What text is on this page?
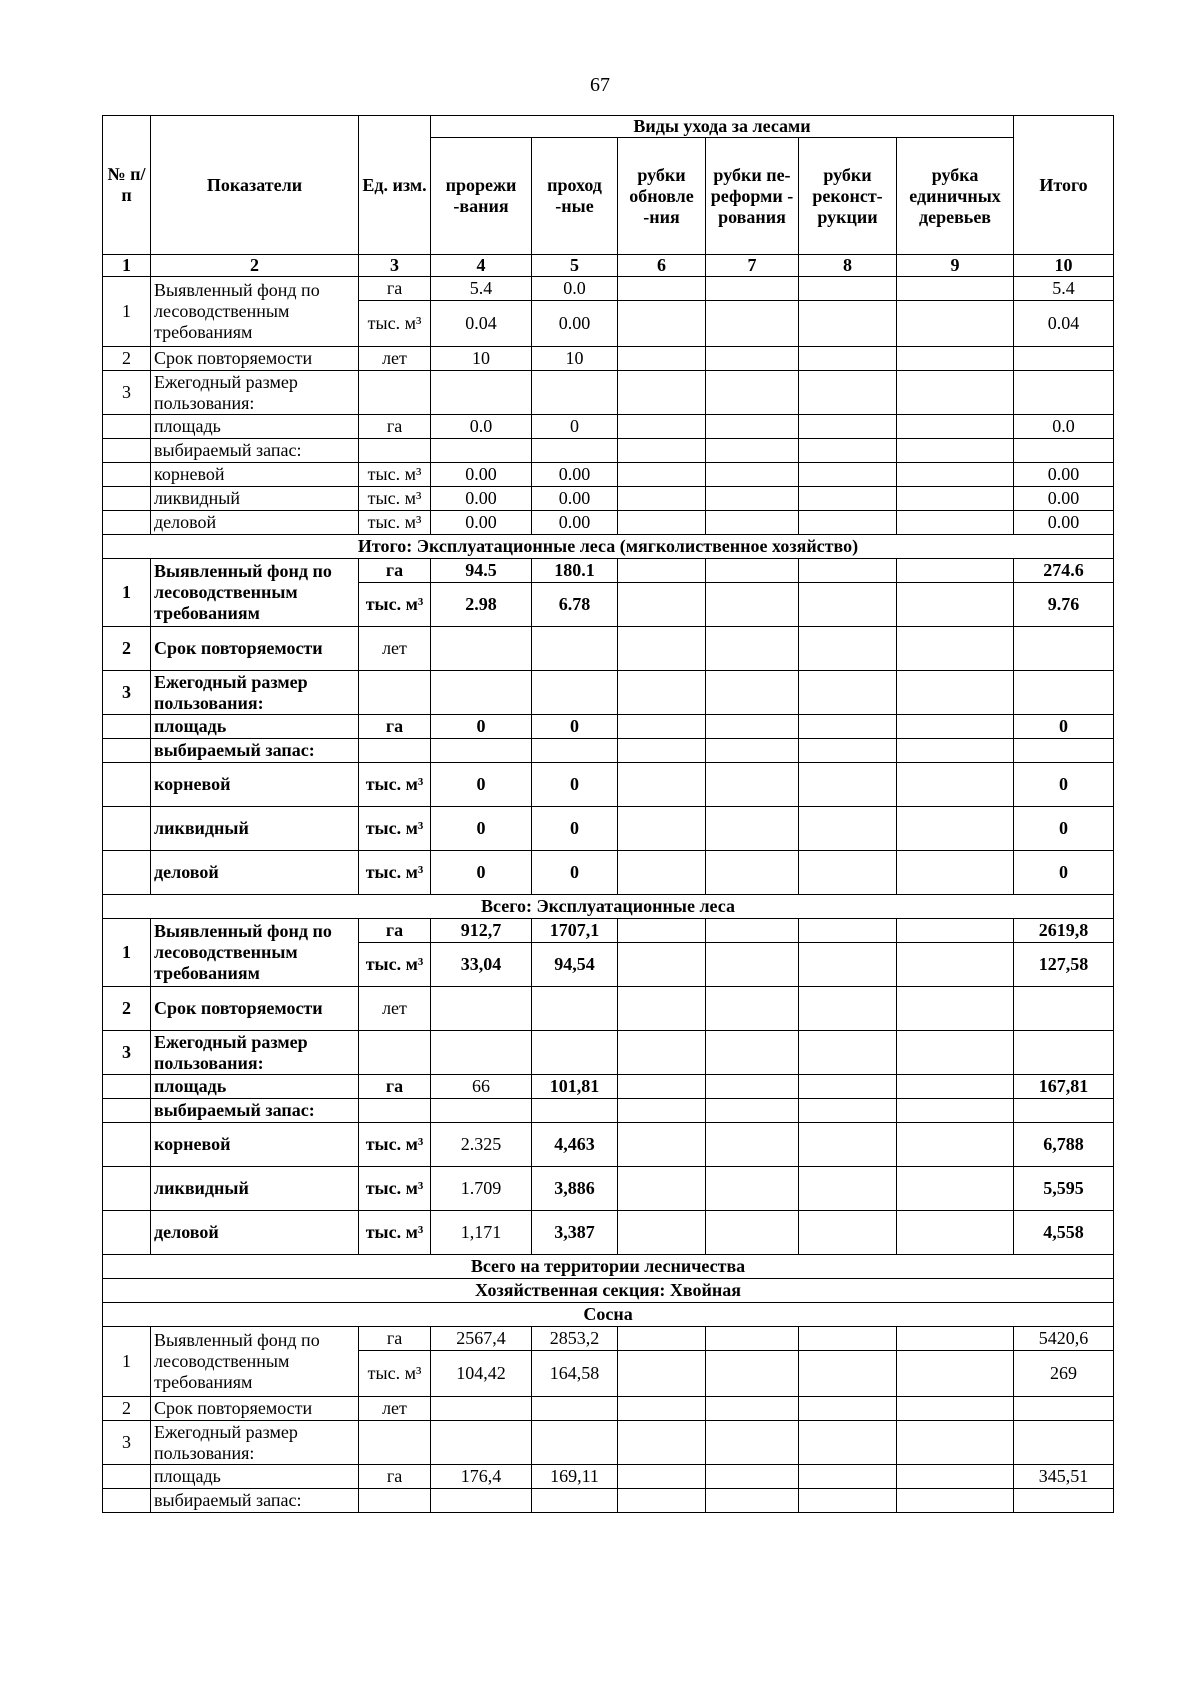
67
№ п/п	Показатели	Ед. изм.	Виды ухода за лесами						Итого
			прорежи -вания	проход -ные	рубки обновле -ния	рубки пе- реформи - рования	рубки реконст- рукции	рубка единичных деревьев	
1	2	3	4	5	6	7	8	9	10
1	Выявленный фонд по лесоводственным требованиям	га	5.4	0.0					5.4
		тыс. м³	0.04	0.00					0.04
2	Срок повторяемости	лет	10	10					
3	Ежегодный размер пользования:								
	площадь	га	0.0	0					0.0
	выбираемый запас:								
	корневой	тыс. м³	0.00	0.00					0.00
	ликвидный	тыс. м³	0.00	0.00					0.00
	деловой	тыс. м³	0.00	0.00					0.00
Итого: Эксплуатационные леса (мягколиственное хозяйство)									
1	Выявленный фонд по лесоводственным требованиям	га	94.5	180.1					274.6
		тыс. м³	2.98	6.78					9.76
2	Срок повторяемости	лет							
3	Ежегодный размер пользования:								
	площадь	га	0	0					0
	выбираемый запас:								
	корневой	тыс. м³	0	0					0
	ликвидный	тыс. м³	0	0					0
	деловой	тыс. м³	0	0					0
Всего: Эксплуатационные леса									
1	Выявленный фонд по лесоводственным требованиям	га	912,7	1707,1					2619,8
		тыс. м³	33,04	94,54					127,58
2	Срок повторяемости	лет							
3	Ежегодный размер пользования:								
	площадь	га	66	101,81					167,81
	выбираемый запас:								
	корневой	тыс. м³	2.325	4,463					6,788
	ликвидный	тыс. м³	1.709	3,886					5,595
	деловой	тыс. м³	1,171	3,387					4,558
Всего на территории лесничества									
Хозяйственная секция: Хвойная									
Сосна									
1	Выявленный фонд по лесоводственным требованиям	га	2567,4	2853,2					5420,6
		тыс. м³	104,42	164,58					269
2	Срок повторяемости	лет							
3	Ежегодный размер пользования:								
	площадь	га	176,4	169,11					345,51
	выбираемый запас:								
